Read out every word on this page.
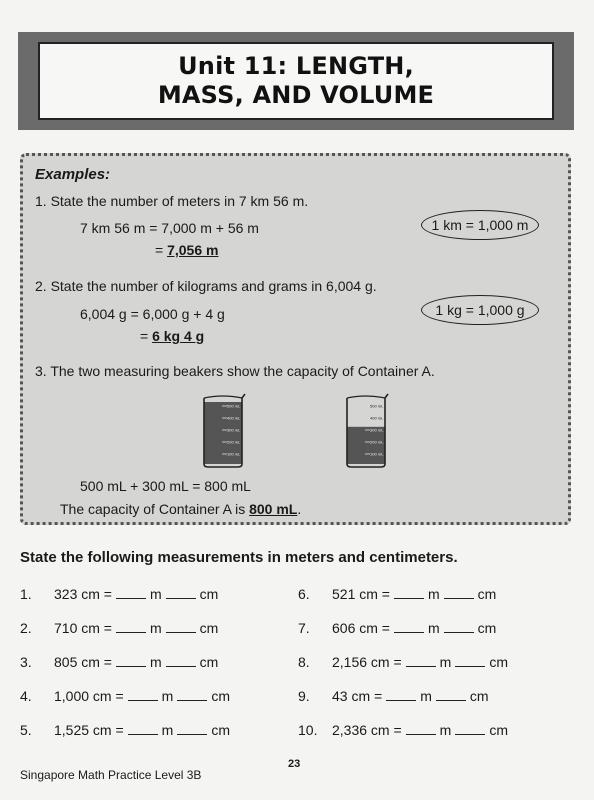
Unit 11: LENGTH,
MASS, AND VOLUME
Examples:
1. State the number of meters in 7 km 56 m.
7 km 56 m = 7,000 m + 56 m
= 7,056 m
1 km = 1,000 m
2. State the number of kilograms and grams in 6,004 g.
6,004 g = 6,000 g + 4 g
= 6 kg 4 g
1 kg = 1,000 g
3. The two measuring beakers show the capacity of Container A.
500 mL
400 mL
300 mL
200 mL
100 mL
500 mL
400 mL
300 mL
200 mL
100 mL
500 mL + 300 mL = 800 mL
The capacity of Container A is 800 mL.
State the following measurements in meters and centimeters.
1. 323 cm =	m	cm
2. 710 cm =	m	cm
3. 805 cm =	m	cm
4. 1,000 cm =	m	cm
5. 1,525 cm =	m	cm
6. 521 cm =	m	cm
7. 606 cm =	m	cm
8. 2,156 cm =	m	cm
9. 43 cm =	m	cm
10. 2,336 cm =	m	cm
23
Singapore Math Practice Level 3B
